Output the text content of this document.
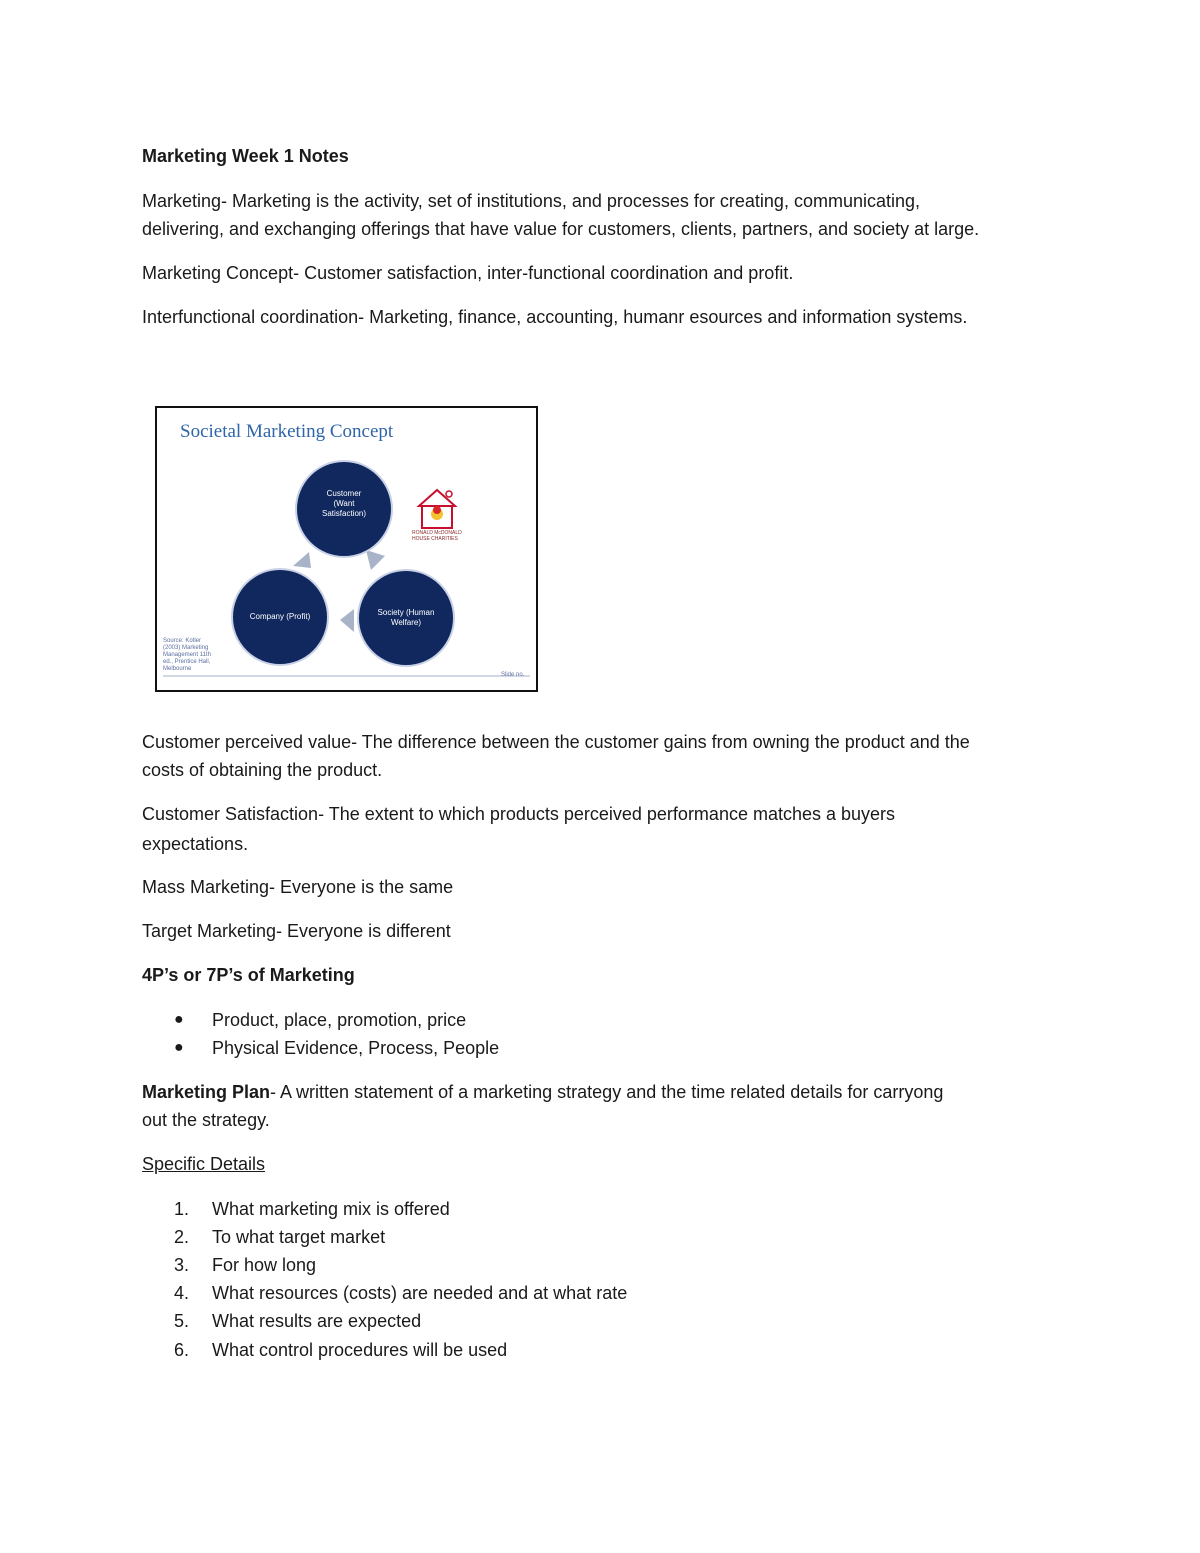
Marketing Week 1 Notes
Marketing- Marketing is the activity, set of institutions, and processes for creating, communicating,
delivering, and exchanging offerings that have value for customers, clients, partners, and society at large.
Marketing Concept- Customer satisfaction, inter-functional coordination and profit.
Interfunctional coordination- Marketing, finance, accounting, humanr esources and information systems.
Societal Marketing Concept
Customer
(Want
Satisfaction)
Company (Profit)	Society (Human
Welfare)
RONALD McDONALD
HOUSE CHARITIES
Source: Kotler
(2003) Marketing
Management 11th
ed., Prentice Hall,
Melbourne
Slide no.
Customer perceived value- The difference between the customer gains from owning the product and the
costs of obtaining the product.
Customer Satisfaction- The extent to which products perceived performance matches a buyers
expectations.
Mass Marketing- Everyone is the same
Target Marketing- Everyone is different
4P’s or 7P’s of Marketing
● Product, place, promotion, price
● Physical Evidence, Process, People
Marketing Plan- A written statement of a marketing strategy and the time related details for carryong
out the strategy.
Specific Details
1. What marketing mix is offered
2. To what target market
3. For how long
4. What resources (costs) are needed and at what rate
5. What results are expected
6. What control procedures will be used
